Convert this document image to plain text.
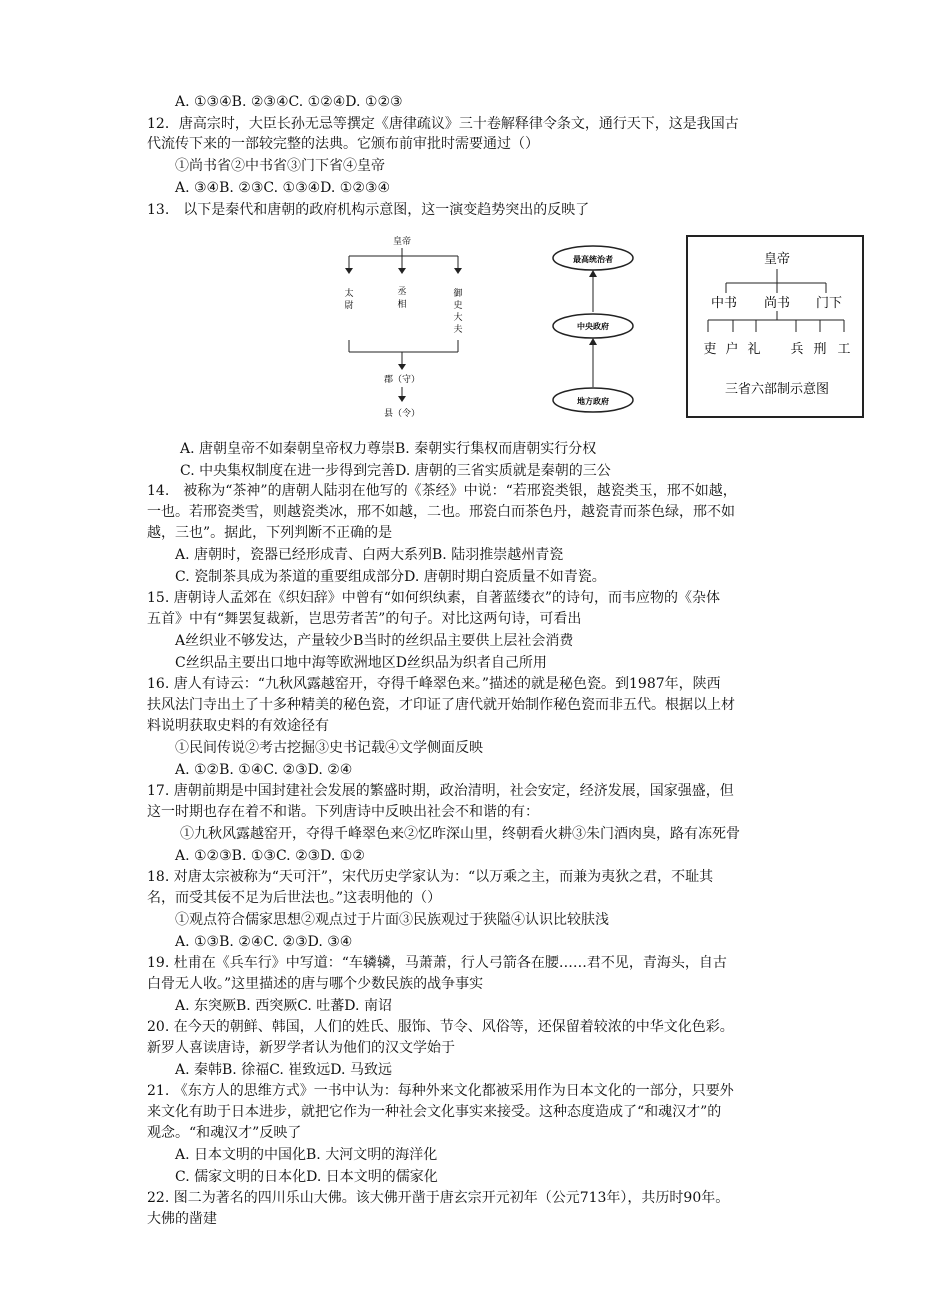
A. ①③④B. ②③④C. ①②④D. ①②③
12．唐高宗时，大臣长孙无忌等撰定《唐律疏议》三十卷解释律令条文，通行天下，这是我国古
代流传下来的一部较完整的法典。它颁布前审批时需要通过（）
①尚书省②中书省③门下省④皇帝
A. ③④B. ②③C. ①③④D. ①②③④
13.　以下是秦代和唐朝的政府机构示意图，这一演变趋势突出的反映了
皇帝
太
尉
丞
相
御
史
大
夫
郡（守）
县（令）
最高统治者
中央政府
地方政府
皇帝
中书 尚书 门下
吏 户 礼 兵 刑 工
三省六部制示意图
A. 唐朝皇帝不如秦朝皇帝权力尊崇B. 秦朝实行集权而唐朝实行分权
C. 中央集权制度在进一步得到完善D. 唐朝的三省实质就是秦朝的三公
14.　被称为“茶神”的唐朝人陆羽在他写的《茶经》中说：“若邢瓷类银，越瓷类玉，邢不如越，
一也。若邢瓷类雪，则越瓷类冰，邢不如越，二也。邢瓷白而茶色丹，越瓷青而茶色绿，邢不如
越，三也”。据此，下列判断不正确的是
A. 唐朝时，瓷器已经形成青、白两大系列B. 陆羽推崇越州青瓷
C. 瓷制茶具成为茶道的重要组成部分D. 唐朝时期白瓷质量不如青瓷。
15. 唐朝诗人孟郊在《织妇辞》中曾有“如何织纨素，自著蓝缕衣”的诗句，而韦应物的《杂体
五首》中有“舞罢复裁新，岂思劳者苦”的句子。对比这两句诗，可看出
A丝织业不够发达，产量较少B当时的丝织品主要供上层社会消费
C丝织品主要出口地中海等欧洲地区D丝织品为织者自己所用
16. 唐人有诗云：“九秋风露越窑开，夺得千峰翠色来。”描述的就是秘色瓷。到1987年，陕西
扶风法门寺出土了十多种精美的秘色瓷，才印证了唐代就开始制作秘色瓷而非五代。根据以上材
料说明获取史料的有效途径有
①民间传说②考古挖掘③史书记载④文学侧面反映
A. ①②B. ①④C. ②③D. ②④
17. 唐朝前期是中国封建社会发展的繁盛时期，政治清明，社会安定，经济发展，国家强盛，但
这一时期也存在着不和谐。下列唐诗中反映出社会不和谐的有：
①九秋风露越窑开，夺得千峰翠色来②忆昨深山里，终朝看火耕③朱门酒肉臭，路有冻死骨
A. ①②③B. ①③C. ②③D. ①②
18. 对唐太宗被称为“天可汗”，宋代历史学家认为：“以万乘之主，而兼为夷狄之君，不耻其
名，而受其佞不足为后世法也。”这表明他的（）
①观点符合儒家思想②观点过于片面③民族观过于狭隘④认识比较肤浅
A. ①③B. ②④C. ②③D. ③④
19. 杜甫在《兵车行》中写道：“车辚辚，马萧萧，行人弓箭各在腰……君不见，青海头，自古
白骨无人收。”这里描述的唐与哪个少数民族的战争事实
A. 东突厥B. 西突厥C. 吐蕃D. 南诏
20. 在今天的朝鲜、韩国，人们的姓氏、服饰、节令、风俗等，还保留着较浓的中华文化色彩。
新罗人喜读唐诗，新罗学者认为他们的汉文学始于
A. 秦韩B. 徐福C. 崔致远D. 马致远
21. 《东方人的思维方式》一书中认为：每种外来文化都被采用作为日本文化的一部分，只要外
来文化有助于日本进步，就把它作为一种社会文化事实来接受。这种态度造成了“和魂汉才”的
观念。“和魂汉才”反映了
A. 日本文明的中国化B. 大河文明的海洋化
C. 儒家文明的日本化D. 日本文明的儒家化
22. 图二为著名的四川乐山大佛。该大佛开凿于唐玄宗开元初年（公元713年），共历时90年。
大佛的凿建
